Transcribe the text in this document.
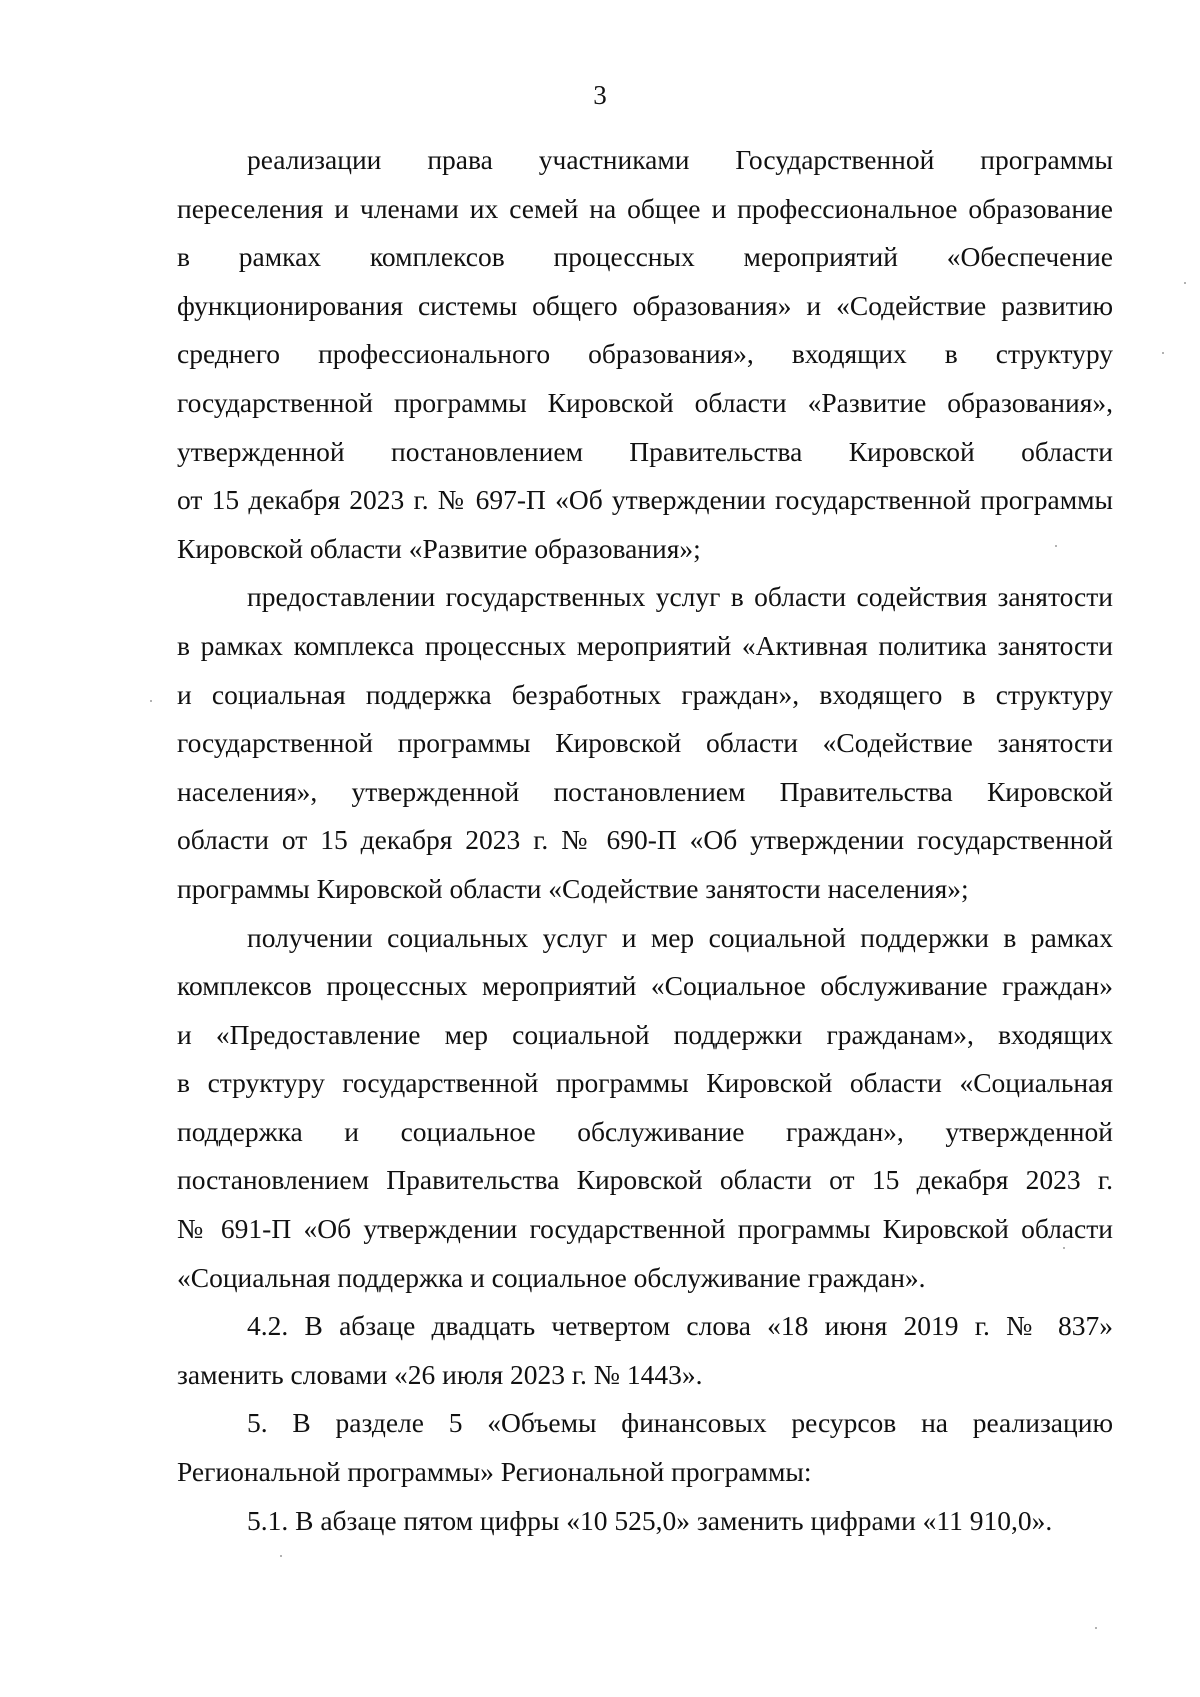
3

реализации права участниками Государственной программы
переселения и членами их семей на общее и профессиональное образование
в рамках комплексов процессных мероприятий «Обеспечение
функционирования системы общего образования» и «Содействие развитию
среднего профессионального образования», входящих в структуру
государственной программы Кировской области «Развитие образования»,
утвержденной постановлением Правительства Кировской области
от 15 декабря 2023 г. № 697-П «Об утверждении государственной программы
Кировской области «Развитие образования»;

предоставлении государственных услуг в области содействия занятости
в рамках комплекса процессных мероприятий «Активная политика занятости
и социальная поддержка безработных граждан», входящего в структуру
государственной программы Кировской области «Содействие занятости
населения», утвержденной постановлением Правительства Кировской
области от 15 декабря 2023 г. № 690-П «Об утверждении государственной
программы Кировской области «Содействие занятости населения»;

получении социальных услуг и мер социальной поддержки в рамках
комплексов процессных мероприятий «Социальное обслуживание граждан»
и «Предоставление мер социальной поддержки гражданам», входящих
в структуру государственной программы Кировской области «Социальная
поддержка и социальное обслуживание граждан», утвержденной
постановлением Правительства Кировской области от 15 декабря 2023 г.
№ 691-П «Об утверждении государственной программы Кировской области
«Социальная поддержка и социальное обслуживание граждан».

4.2. В абзаце двадцать четвертом слова «18 июня 2019 г. № 837»
заменить словами «26 июля 2023 г. № 1443».

5. В разделе 5 «Объемы финансовых ресурсов на реализацию
Региональной программы» Региональной программы:

5.1. В абзаце пятом цифры «10 525,0» заменить цифрами «11 910,0».
